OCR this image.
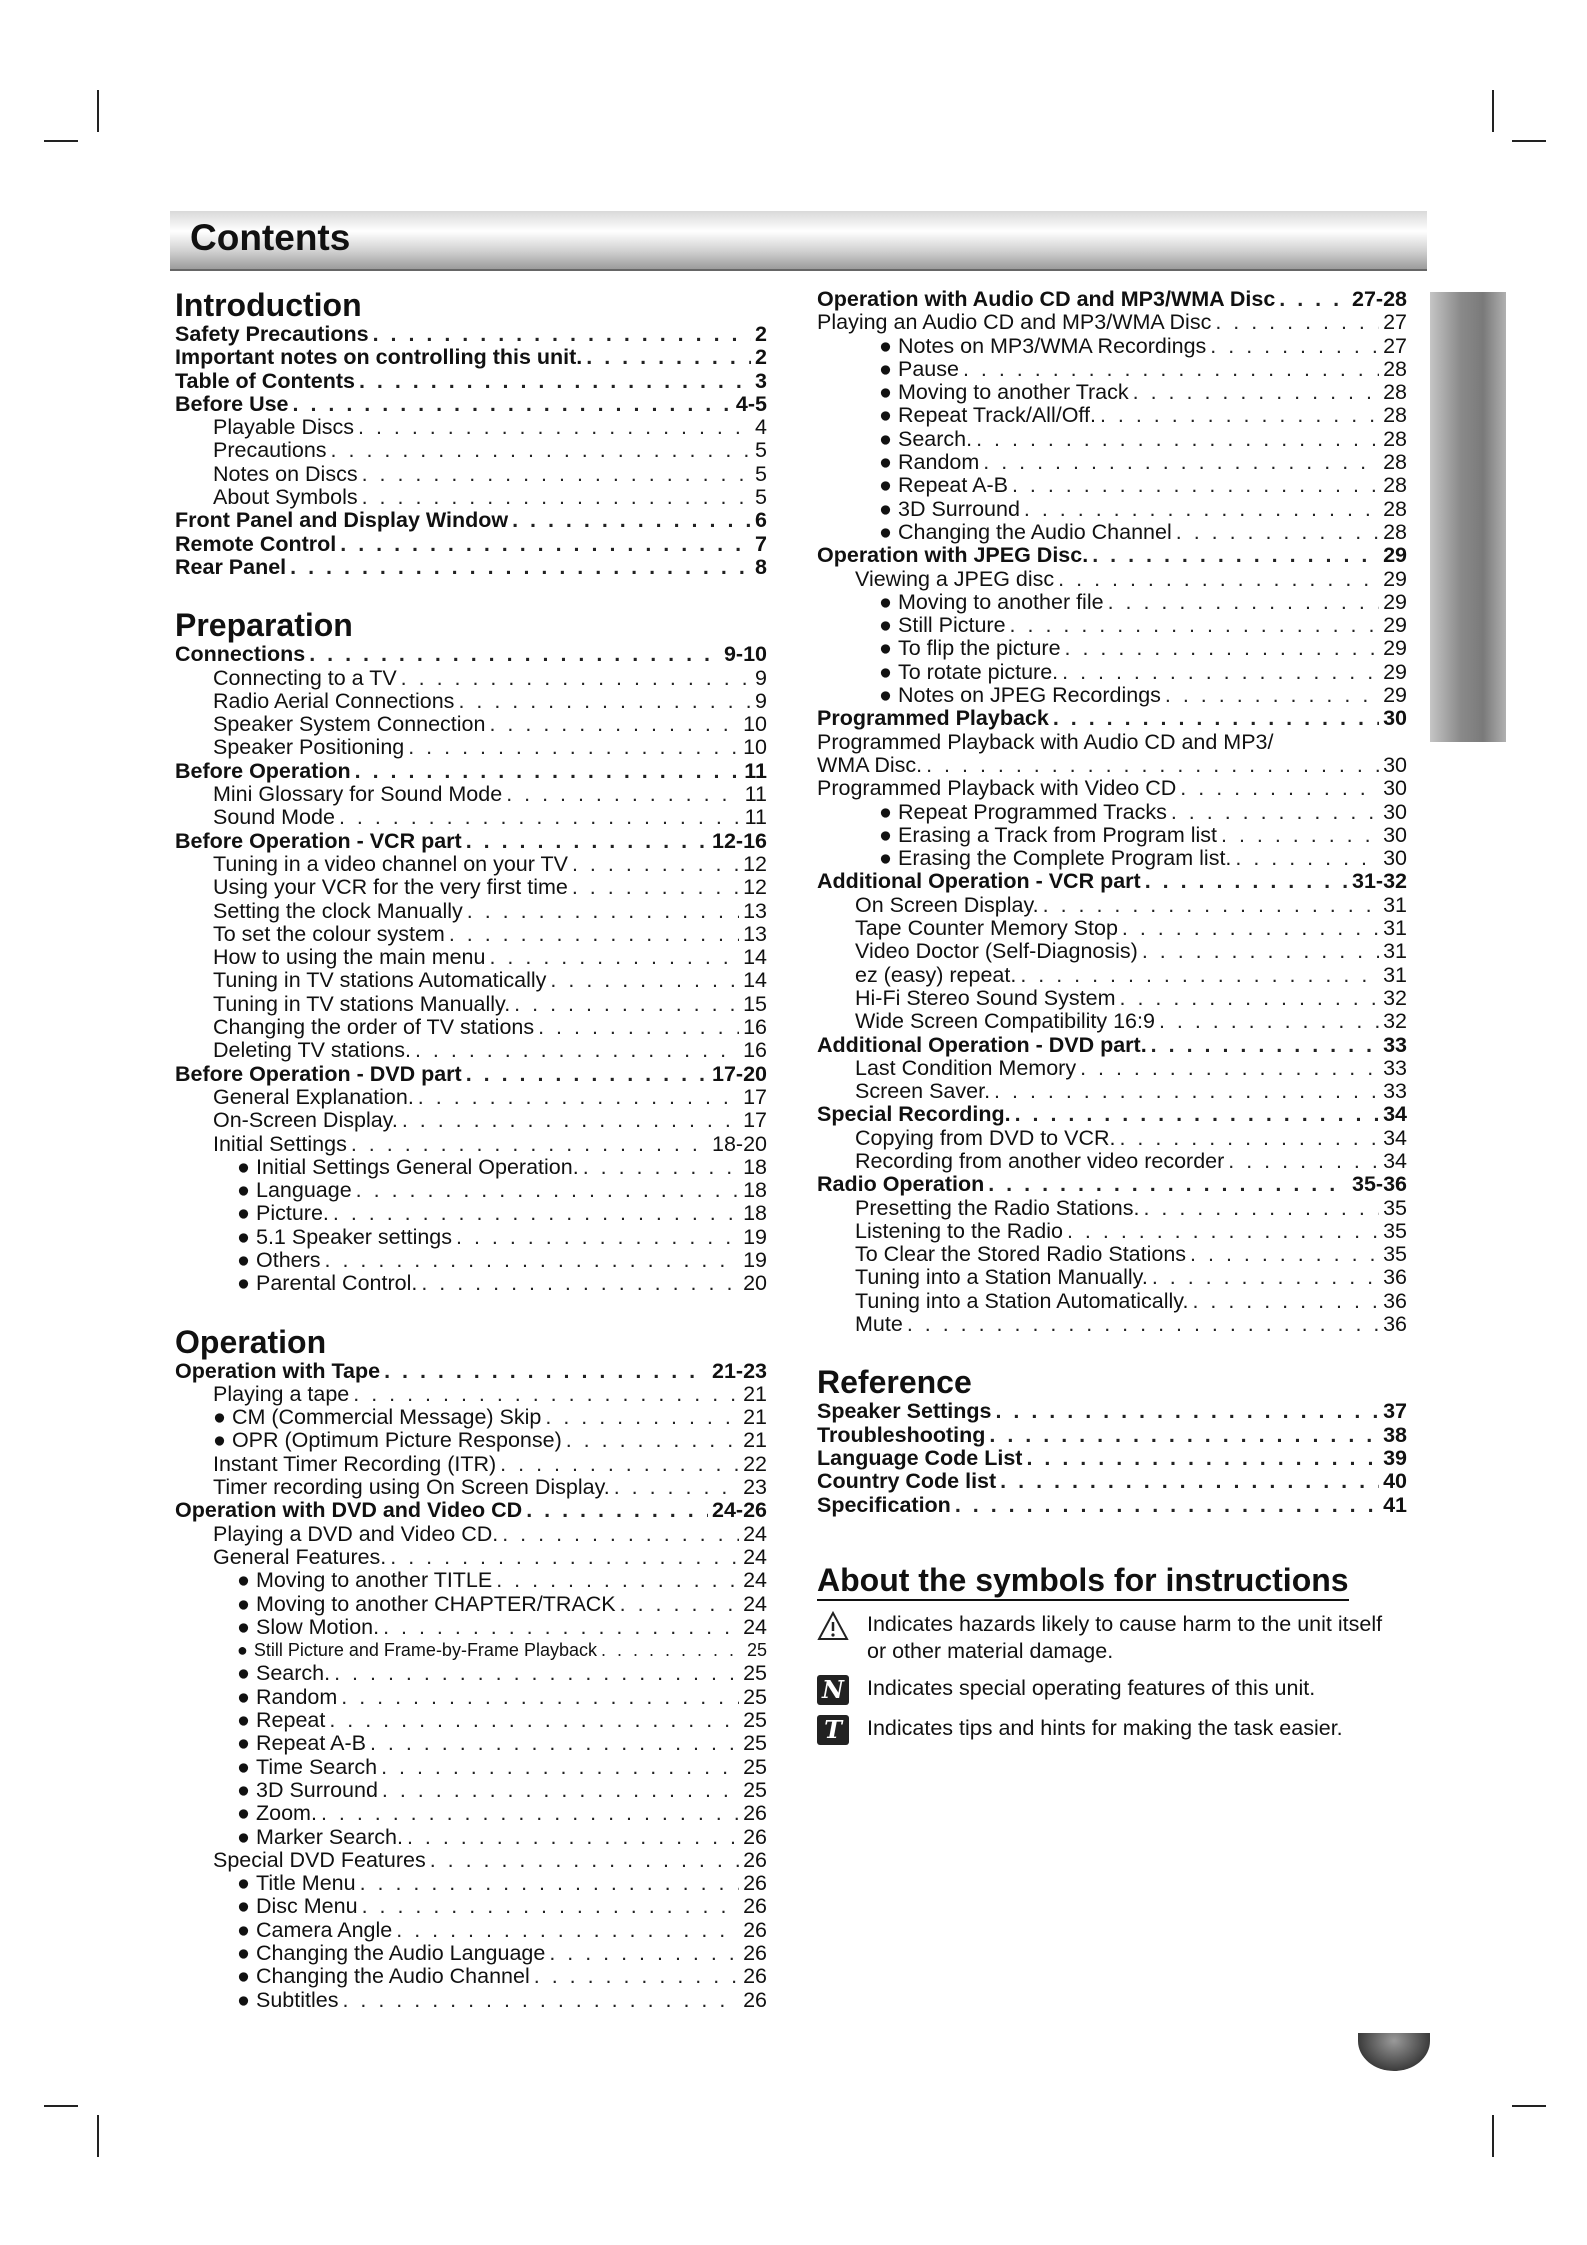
Contents
Introduction
Safety Precautions . . .	2
Important notes on controlling this unit. . . .	2
Table of Contents . . .	3
Before Use . . .	4-5
Playable Discs . . .	4
Precautions . . .	5
Notes on Discs . . .	5
About Symbols . . .	5
Front Panel and Display Window . . .	6
Remote Control . . .	7
Rear Panel . . .	8
Preparation
Connections . . .	9-10
Connecting to a TV . . .	9
Radio Aerial Connections . . .	9
Speaker System Connection . . .	10
Speaker Positioning . . .	10
Before Operation . . .	11
Mini Glossary for Sound Mode . . .	11
Sound Mode . . .	11
Before Operation - VCR part . . .	12-16
Tuning in a video channel on your TV . . .	12
Using your VCR for the very first time . . .	12
Setting the clock Manually . . .	13
To set the colour system . . .	13
How to using the main menu . . .	14
Tuning in TV stations Automatically . . .	14
Tuning in TV stations Manually. . . .	15
Changing the order of TV stations . . .	16
Deleting TV stations. . . .	16
Before Operation - DVD part . . .	17-20
General Explanation. . . .	17
On-Screen Display. . . .	17
Initial Settings . . .	18-20
● Initial Settings General Operation. . . .	18
● Language . . .	18
● Picture. . . .	18
● 5.1 Speaker settings . . .	19
● Others . . .	19
● Parental Control. . . .	20
Operation
Operation with Tape . . .	21-23
Playing a tape . . .	21
● CM (Commercial Message) Skip . . .	21
● OPR (Optimum Picture Response) . . .	21
Instant Timer Recording (ITR) . . .	22
Timer recording using On Screen Display. . . .	23
Operation with DVD and Video CD . . .	24-26
Playing a DVD and Video CD. . . .	24
General Features. . . .	24
● Moving to another TITLE . . .	24
● Moving to another CHAPTER/TRACK . . .	24
● Slow Motion. . . .	24
● Still Picture and Frame-by-Frame Playback . . .	25
● Search. . . .	25
● Random . . .	25
● Repeat . . .	25
● Repeat A-B . . .	25
● Time Search . . .	25
● 3D Surround . . .	25
● Zoom. . . .	26
● Marker Search. . . .	26
Special DVD Features . . .	26
● Title Menu . . .	26
● Disc Menu . . .	26
● Camera Angle . . .	26
● Changing the Audio Language . . .	26
● Changing the Audio Channel . . .	26
● Subtitles . . .	26
Operation with Audio CD and MP3/WMA Disc . . .	27-28
Playing an Audio CD and MP3/WMA Disc . . .	27
● Notes on MP3/WMA Recordings . . .	27
● Pause . . .	28
● Moving to another Track . . .	28
● Repeat Track/All/Off. . . .	28
● Search. . . .	28
● Random . . .	28
● Repeat A-B . . .	28
● 3D Surround . . .	28
● Changing the Audio Channel . . .	28
Operation with JPEG Disc. . . .	29
Viewing a JPEG disc . . .	29
● Moving to another file . . .	29
● Still Picture . . .	29
● To flip the picture . . .	29
● To rotate picture. . . .	29
● Notes on JPEG Recordings . . .	29
Programmed Playback . . .	30
Programmed Playback with Audio CD and MP3/
WMA Disc. . . .	30
Programmed Playback with Video CD . . .	30
● Repeat Programmed Tracks . . .	30
● Erasing a Track from Program list . . .	30
● Erasing the Complete Program list. . . .	30
Additional Operation - VCR part . . .	31-32
On Screen Display. . . .	31
Tape Counter Memory Stop . . .	31
Video Doctor (Self-Diagnosis) . . .	31
ez (easy) repeat. . . .	31
Hi-Fi Stereo Sound System . . .	32
Wide Screen Compatibility 16:9 . . .	32
Additional Operation - DVD part. . . .	33
Last Condition Memory . . .	33
Screen Saver. . . .	33
Special Recording. . . .	34
Copying from DVD to VCR. . . .	34
Recording from another video recorder . . .	34
Radio Operation . . .	35-36
Presetting the Radio Stations. . . .	35
Listening to the Radio . . .	35
To Clear the Stored Radio Stations . . .	35
Tuning into a Station Manually. . . .	36
Tuning into a Station Automatically. . . .	36
Mute . . .	36
Reference
Speaker Settings . . .	37
Troubleshooting . . .	38
Language Code List . . .	39
Country Code list . . .	40
Specification . . .	41
About the symbols for instructions
Indicates hazards likely to cause harm to the unit itself or other material damage.
N Indicates special operating features of this unit.
T	Indicates tips and hints for making the task easier.
